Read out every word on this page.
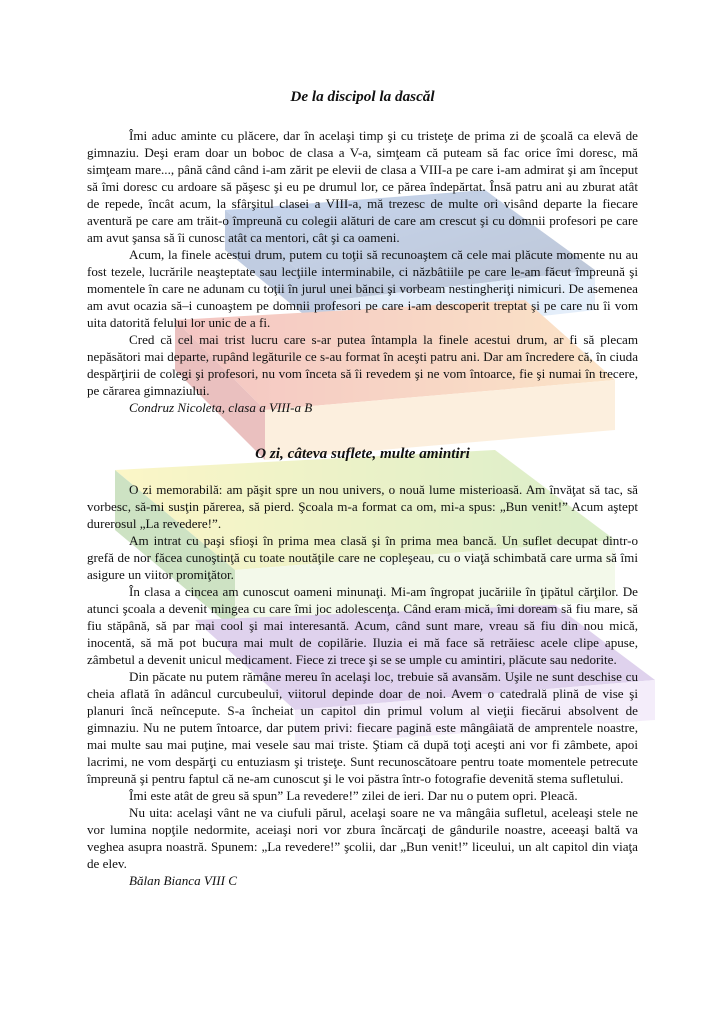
De la discipol la dascăl

Îmi aduc aminte cu plăcere, dar în acelaşi timp şi cu tristeţe de prima zi de şcoală ca elevă de gimnaziu. Deşi eram doar un boboc de clasa a V-a, simţeam că puteam să fac orice îmi doresc, mă simţeam mare..., până când când i-am zărit pe elevii de clasa a VIII-a pe care i-am admirat şi am început să îmi doresc cu ardoare să păşesc şi eu pe drumul lor, ce părea îndepărtat. Însă patru ani au zburat atât de repede, încât acum, la sfârşitul clasei a VIII-a, mă trezesc de multe ori visând departe la fiecare aventură pe care am trăit-o împreună cu colegii alături de care am crescut şi cu domnii profesori pe care am avut şansa să îi cunosc atât ca mentori, cât şi ca oameni.

Acum, la finele acestui drum, putem cu toţii să recunoaştem că cele mai plăcute momente nu au fost tezele, lucrările neaşteptate sau lecţiile interminabile, ci năzbâtiile pe care le-am făcut împreună şi momentele în care ne adunam cu toţii în jurul unei bănci şi vorbeam nestingheriţi nimicuri. De asemenea am avut ocazia să–i cunoaştem pe domnii profesori pe care i-am descoperit treptat şi pe care nu îi vom uita datorită felului lor unic de a fi.

Cred că cel mai trist lucru care s-ar putea întampla la finele acestui drum, ar fi să plecam nepăsători mai departe, rupând legăturile ce s-au format în aceşti patru ani. Dar am încredere că, în ciuda despărţirii de colegi şi profesori, nu vom înceta să îi revedem şi ne vom întoarce, fie şi numai în trecere, pe cărarea gimnaziului.

Condruz Nicoleta, clasa a VIII-a B

O zi, câteva suflete, multe amintiri

O zi memorabilă: am păşit spre un nou univers, o nouă lume misterioasă. Am învăţat să tac, să vorbesc, să-mi susţin părerea, să pierd. Şcoala m-a format ca om, mi-a spus: „Bun venit!” Acum aştept durerosul „La revedere!”.

Am intrat cu paşi sfioşi în prima mea clasă şi în prima mea bancă. Un suflet decupat dintr-o grefă de nor făcea cunoştinţă cu toate noutăţile care ne copleşeau, cu o viaţă schimbată care urma să îmi asigure un viitor promiţător.

În clasa a cincea am cunoscut oameni minunaţi. Mi-am îngropat jucăriile în ţipătul cărţilor. De atunci şcoala a devenit mingea cu care îmi joc adolescenţa. Când eram mică, îmi doream să fiu mare, să fiu stăpână, să par mai cool şi mai interesantă. Acum, când sunt mare, vreau să fiu din nou mică, inocentă, să mă pot bucura mai mult de copilărie. Iluzia ei mă face să retrăiesc acele clipe apuse, zâmbetul a devenit unicul medicament. Fiece zi trece şi se se umple cu amintiri, plăcute sau nedorite.

Din păcate nu putem rămâne mereu în acelaşi loc, trebuie să avansăm. Uşile ne sunt deschise cu cheia aflată în adâncul curcubeului, viitorul depinde doar de noi. Avem o catedrală plină de vise şi planuri încă neîncepute. S-a încheiat un capitol din primul volum al vieţii fiecărui absolvent de gimnaziu. Nu ne putem întoarce, dar putem privi: fiecare pagină este mângâiată de amprentele noastre, mai multe sau mai puţine, mai vesele sau mai triste. Ştiam că după toţi aceşti ani vor fi zâmbete, apoi lacrimi, ne vom despărţi cu entuziasm şi tristeţe. Sunt recunoscătoare pentru toate momentele petrecute împreună şi pentru faptul că ne-am cunoscut şi le voi păstra într-o fotografie devenită stema sufletului.

Îmi este atât de greu să spun” La revedere!” zilei de ieri. Dar nu o putem opri. Pleacă.

Nu uita: acelaşi vânt ne va ciufuli părul, acelaşi soare ne va mângâia sufletul, aceleaşi stele ne vor lumina nopţile nedormite, aceiaşi nori vor zbura încărcaţi de gândurile noastre, aceeaşi baltă va veghea asupra noastră. Spunem: „La revedere!” şcolii, dar „Bun venit!” liceului, un alt capitol din viaţa de elev.

Bălan Bianca VIII C
